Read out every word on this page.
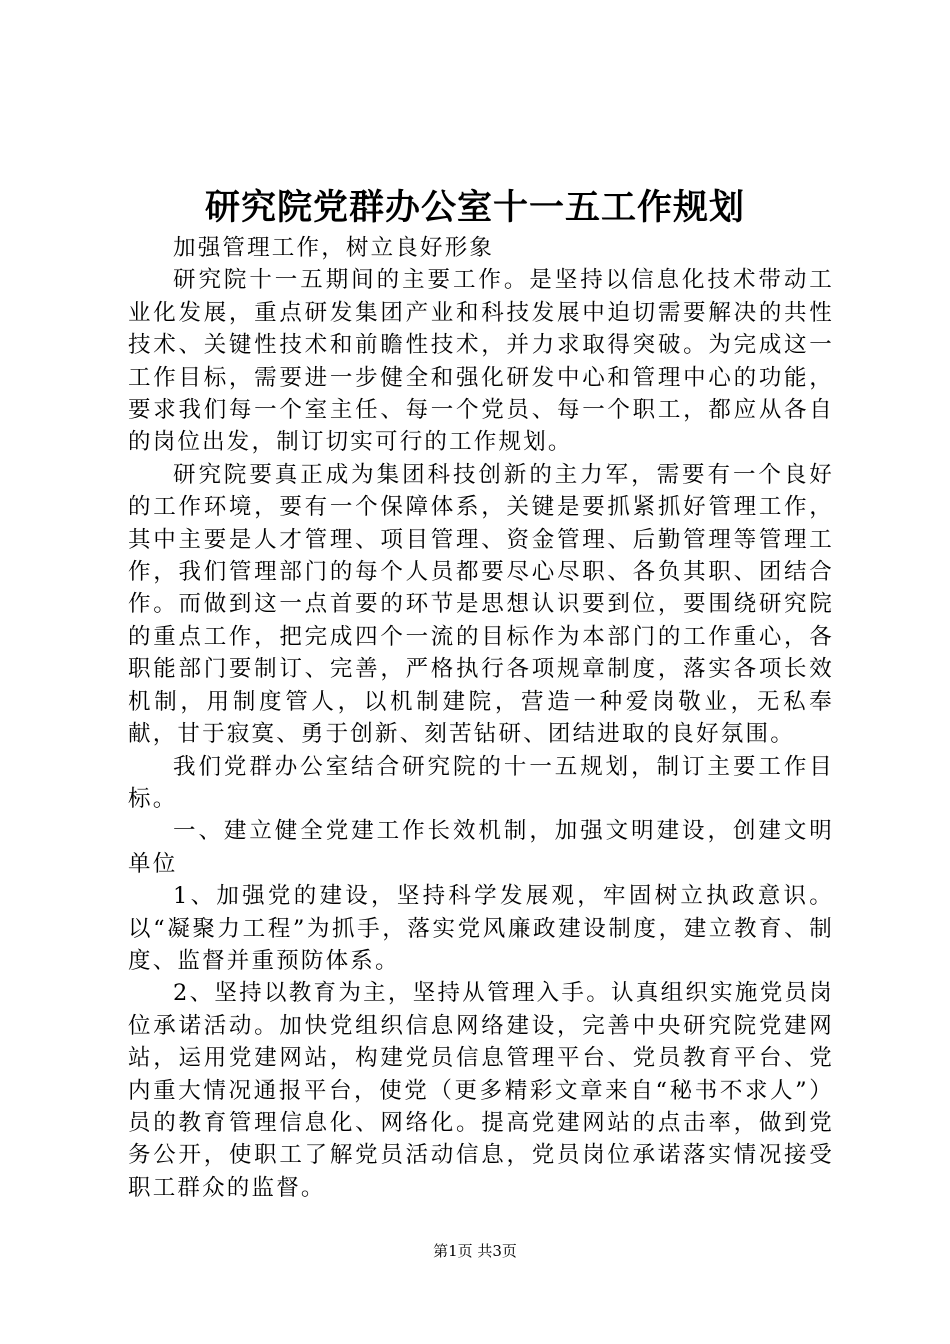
研究院党群办公室十一五工作规划

加强管理工作，树立良好形象

研究院十一五期间的主要工作。是坚持以信息化技术带动工业化发展，重点研发集团产业和科技发展中迫切需要解决的共性技术、关键性技术和前瞻性技术，并力求取得突破。为完成这一工作目标，需要进一步健全和强化研发中心和管理中心的功能，要求我们每一个室主任、每一个党员、每一个职工，都应从各自的岗位出发，制订切实可行的工作规划。

研究院要真正成为集团科技创新的主力军，需要有一个良好的工作环境，要有一个保障体系，关键是要抓紧抓好管理工作，其中主要是人才管理、项目管理、资金管理、后勤管理等管理工作，我们管理部门的每个人员都要尽心尽职、各负其职、团结合作。而做到这一点首要的环节是思想认识要到位，要围绕研究院的重点工作，把完成四个一流的目标作为本部门的工作重心，各职能部门要制订、完善，严格执行各项规章制度，落实各项长效机制，用制度管人，以机制建院，营造一种爱岗敬业，无私奉献，甘于寂寞、勇于创新、刻苦钻研、团结进取的良好氛围。

我们党群办公室结合研究院的十一五规划，制订主要工作目标。

一、建立健全党建工作长效机制，加强文明建设，创建文明单位

1、加强党的建设，坚持科学发展观，牢固树立执政意识。以“凝聚力工程”为抓手，落实党风廉政建设制度，建立教育、制度、监督并重预防体系。

2、坚持以教育为主，坚持从管理入手。认真组织实施党员岗位承诺活动。加快党组织信息网络建设，完善中央研究院党建网站，运用党建网站，构建党员信息管理平台、党员教育平台、党内重大情况通报平台，使党（更多精彩文章来自“秘书不求人”）员的教育管理信息化、网络化。提高党建网站的点击率，做到党务公开，使职工了解党员活动信息，党员岗位承诺落实情况接受职工群众的监督。

第1页 共3页
